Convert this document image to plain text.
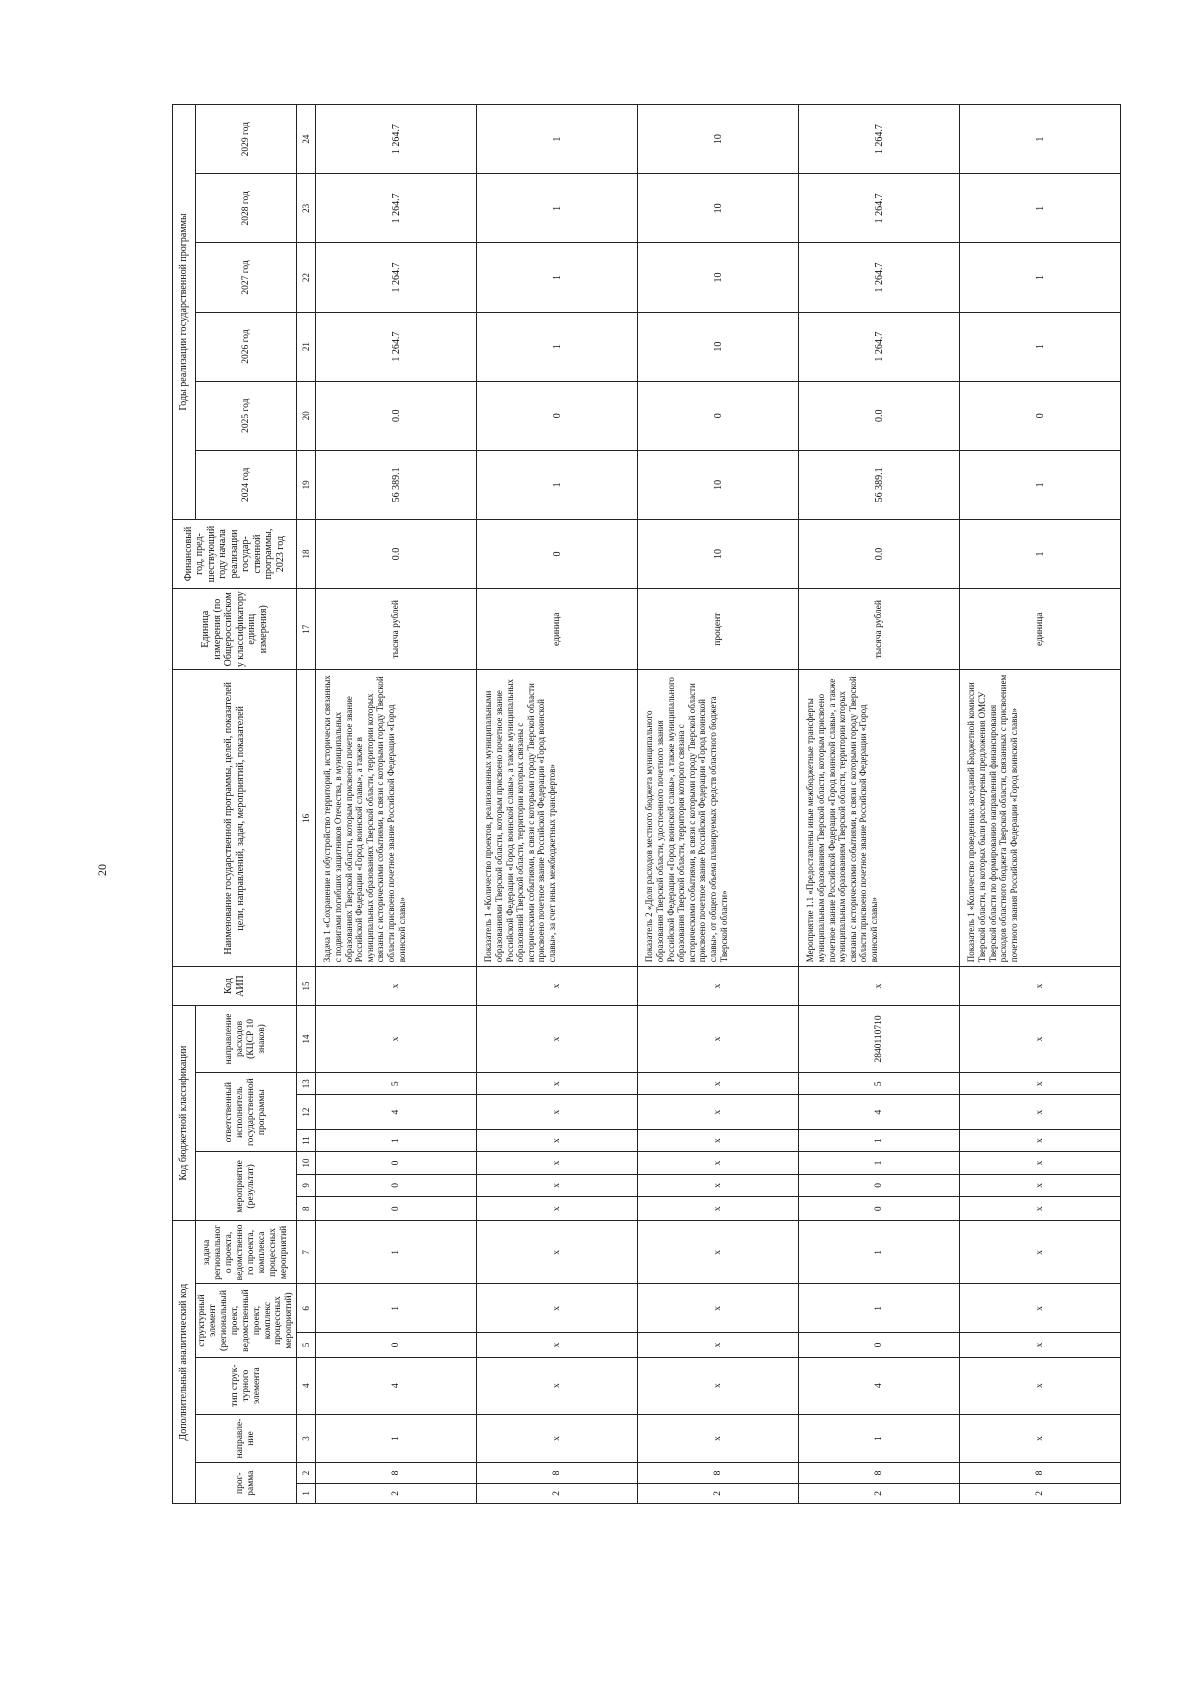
20
Дополнительный аналитический код							Код бюджетной классификации							Код АИП	Наименование государственной программы, целей, показателей цели, направлений, задач, мероприятий, показателей	Единица измерения (по Общероссийскому классификатору единиц измерения)	Финансовый год, пред-шествующий году начала реализации государ-ственной программы, 2023 год	Годы реализации государственной программы					
прог-рамма		направле-ние	тип струк-турного элемента	структурный элемент (региональный проект, ведомственный проект, комплекс процессных мероприятий)		задача регионального проекта, ведомственного проекта, комплекса процессных мероприятий	мероприятие (результат)			ответственный исполнитель государственной программы			направление расходов (КЦСР 10 знаков)					2024 год	2025 год	2026 год	2027 год	2028 год	2029 год
1	2	3	4	5	6	7	8	9	10	11	12	13	14	15	16	17	18	19	20	21	22	23	24
2	8	1	4	0	1	1	0	0	0	1	4	5	х	х	Задача 1 «Сохранение и обустройство территорий, исторически связанных с подвигами погибших защитников Отечества, в муниципальных образованиях Тверской области, которым присвоено почетное звание Российской Федерации «Город воинской славы», а также в муниципальных образованиях Тверской области, территории которых связаны с историческими событиями, в связи с которыми городу Тверской области присвоено почетное звание Российской Федерации «Город воинской славы»	тысяча рублей	0.0	56 389.1	0.0	1 264.7	1 264.7	1 264.7	1 264.7
2	8	х	х	х	х	х	х	х	х	х	х	х	х	х	Показатель 1 «Количество проектов, реализованных муниципальными образованиями Тверской области, которым присвоено почетное звание Российской Федерации «Город воинской славы», а также муниципальных образований Тверской области, территории которых связаны с историческими событиями, в связи с которыми городу Тверской области присвоено почетное звание Российской Федерации «Город воинской славы», за счет иных межбюджетных трансфертов»	единица	0	1	0	1	1	1	1
2	8	х	х	х	х	х	х	х	х	х	х	х	х	х	Показатель 2 «Доля расходов местного бюджета муниципального образования Тверской области, удостоенного почетного звания Российской Федерации «Город воинской славы», а также муниципального образования Тверской области, территория которого связана с историческими событиями, в связи с которыми городу Тверской области присвоено почетное звание Российской Федерации «Город воинской славы», от общего объема планируемых средств областного бюджета Тверской области»	процент	10	10	0	10	10	10	10
2	8	1	4	0	1	1	0	0	1	1	4	5	2840110710	х	Мероприятие 1.1 «Предоставлены иные межбюджетные трансферты муниципальным образованиям Тверской области, которым присвоено почетное звание Российской Федерации «Город воинской славы», а также муниципальным образованиям Тверской области, территории которых связаны с историческими событиями, в связи с которыми городу Тверской области присвоено почетное звание Российской Федерации «Город воинской славы»	тысяча рублей	0.0	56 389.1	0.0	1 264.7	1 264.7	1 264.7	1 264.7
2	8	х	х	х	х	х	х	х	х	х	х	х	х	х	Показатель 1 «Количество проведенных заседаний Бюджетной комиссии Тверской области, на которых были рассмотрены предложения ОМСУ Тверской области по формированию направлений финансирования расходов областного бюджета Тверской области, связанных с присвоением почетного звания Российской Федерации «Город воинской славы»	единица	1	1	0	1	1	1	1
